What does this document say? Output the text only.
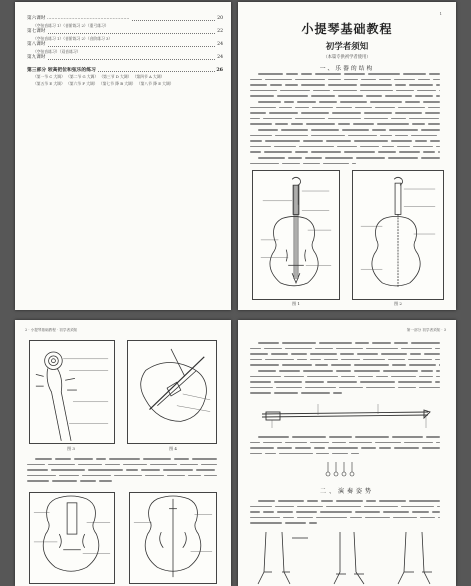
第六课时 ………………………………………………	20
（空弦音练习 1）（音阶练习 2）（重弓练习）
第七课时	22
（空弦音练习 1）（音阶练习 2）（音阶练习 3）
第八课时	24
（空弦音练习）（双音练习）
第九课时	24
第三部分 较高把位和弦乐的练习	26
（第一节 C 大调） （第二节 G 大调） （第三节 D 大调） （第四节 A 大调）
（第五节 E 大调） （第六节 F 大调） （第七节 降 B 大调） （第八节 降 E 大调）
1
小提琴基础教程
初学者须知
（本篇专供初学者使用）
一、乐器的结构
图 1	图 2
2 · 小提琴基础教程 · 初学者须知
图 3	图 4
第一部分 初学者须知 · 3
二、演奏姿势
